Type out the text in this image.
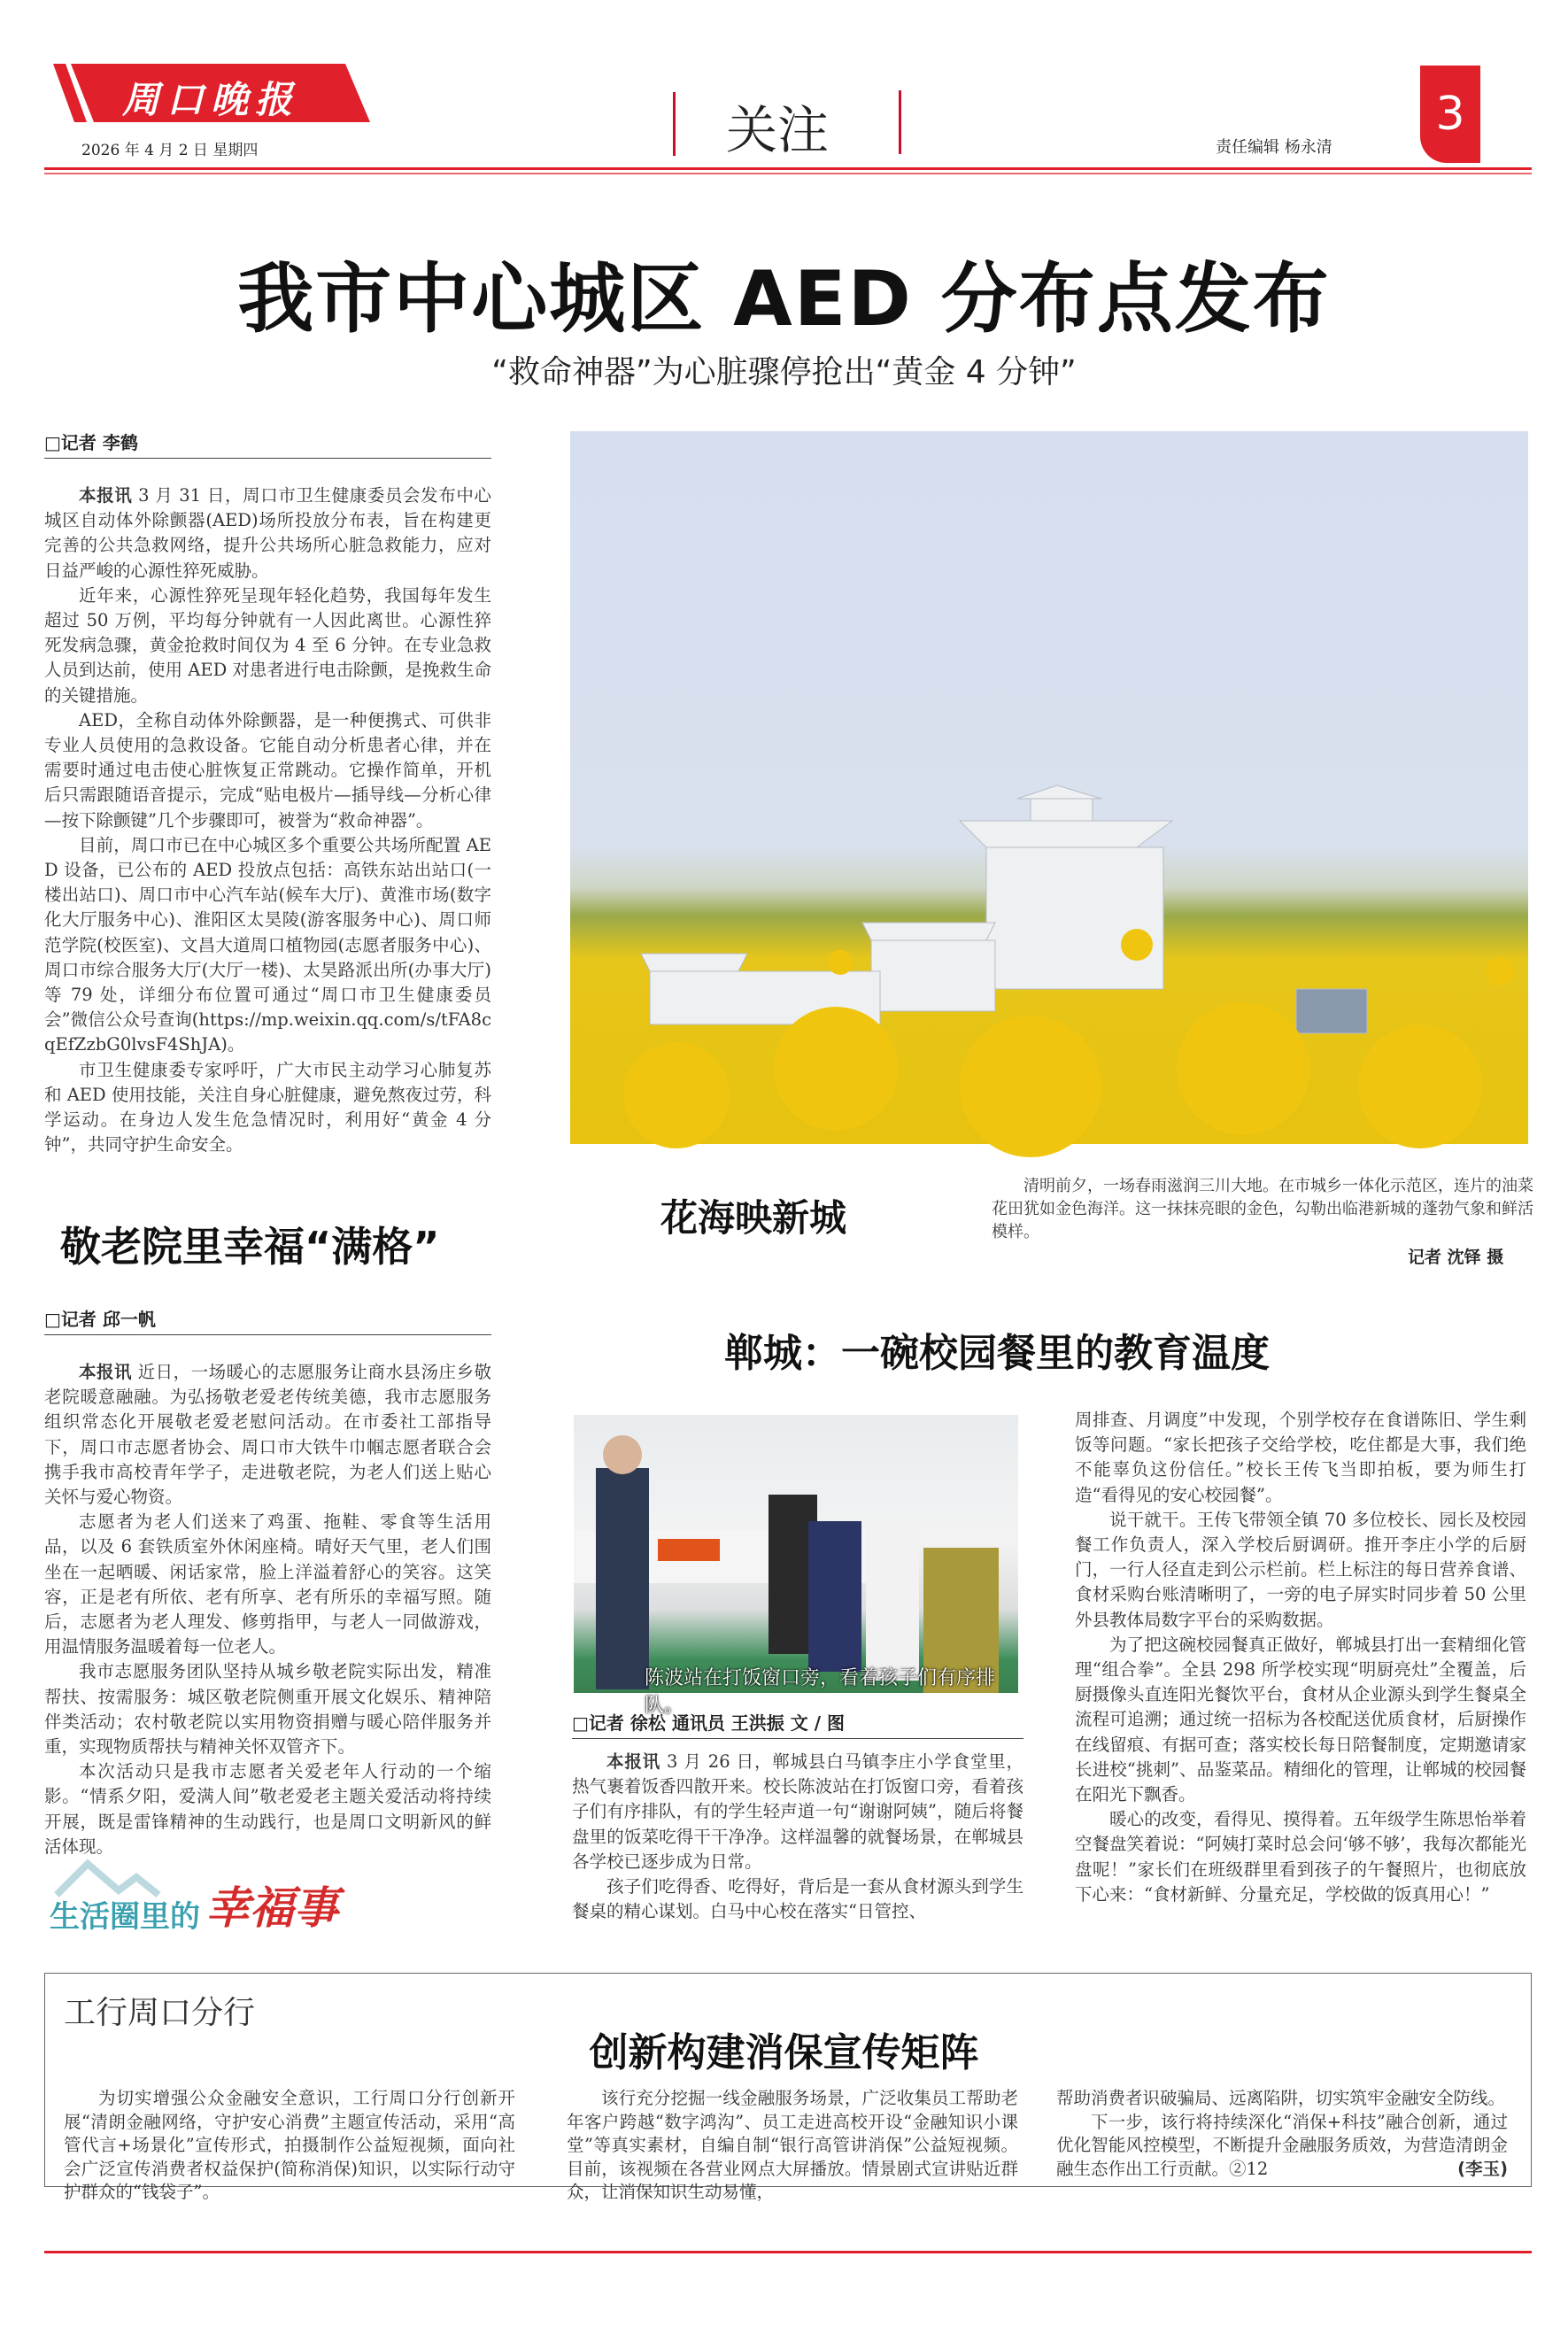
周口晚报
2026 年 4 月 2 日 星期四	关注	责任编辑 杨永清
3
我市中心城区 AED 分布点发布
“救命神器”为心脏骤停抢出“黄金 4 分钟”
□记者 李鹤

本报讯 3 月 31 日，周口市卫生健康委员会发布中心城区自动体外除颤器(AED)场所投放分布表，旨在构建更完善的公共急救网络，提升公共场所心脏急救能力，应对日益严峻的心源性猝死威胁。

近年来，心源性猝死呈现年轻化趋势，我国每年发生超过 50 万例，平均每分钟就有一人因此离世。心源性猝死发病急骤，黄金抢救时间仅为 4 至 6 分钟。在专业急救人员到达前，使用 AED 对患者进行电击除颤，是挽救生命的关键措施。

AED，全称自动体外除颤器，是一种便携式、可供非专业人员使用的急救设备。它能自动分析患者心律，并在需要时通过电击使心脏恢复正常跳动。它操作简单，开机后只需跟随语音提示，完成“贴电极片—插导线—分析心律—按下除颤键”几个步骤即可，被誉为“救命神器”。

目前，周口市已在中心城区多个重要公共场所配置 AED 设备，已公布的 AED 投放点包括：高铁东站出站口(一楼出站口)、周口市中心汽车站(候车大厅)、黄淮市场(数字化大厅服务中心)、淮阳区太昊陵(游客服务中心)、周口师范学院(校医室)、文昌大道周口植物园(志愿者服务中心)、周口市综合服务大厅(大厅一楼)、太昊路派出所(办事大厅)等 79 处，详细分布位置可通过“周口市卫生健康委员会”微信公众号查询(https://mp.weixin.qq.com/s/tFA8cqEfZzbG0lvsF4ShJA)。

市卫生健康委专家呼吁，广大市民主动学习心肺复苏和 AED 使用技能，关注自身心脏健康，避免熬夜过劳，科学运动。在身边人发生危急情况时，利用好“黄金 4 分钟”，共同守护生命安全。

花海映新城

清明前夕，一场春雨滋润三川大地。在市城乡一体化示范区，连片的油菜花田犹如金色海洋。这一抹抹亮眼的金色，勾勒出临港新城的蓬勃气象和鲜活模样。

记者 沈铎 摄
敬老院里幸福“满格”
□记者 邱一帆

本报讯 近日，一场暖心的志愿服务让商水县汤庄乡敬老院暖意融融。为弘扬敬老爱老传统美德，我市志愿服务组织常态化开展敬老爱老慰问活动。在市委社工部指导下，周口市志愿者协会、周口市大铁牛巾帼志愿者联合会携手我市高校青年学子，走进敬老院，为老人们送上贴心关怀与爱心物资。

志愿者为老人们送来了鸡蛋、拖鞋、零食等生活用品，以及 6 套铁质室外休闲座椅。晴好天气里，老人们围坐在一起晒暖、闲话家常，脸上洋溢着舒心的笑容。这笑容，正是老有所依、老有所享、老有所乐的幸福写照。随后，志愿者为老人理发、修剪指甲，与老人一同做游戏，用温情服务温暖着每一位老人。

我市志愿服务团队坚持从城乡敬老院实际出发，精准帮扶、按需服务：城区敬老院侧重开展文化娱乐、精神陪伴类活动；农村敬老院以实用物资捐赠与暖心陪伴服务并重，实现物质帮扶与精神关怀双管齐下。

本次活动只是我市志愿者关爱老年人行动的一个缩影。“情系夕阳，爱满人间”敬老爱老主题关爱活动将持续开展，既是雷锋精神的生动践行，也是周口文明新风的鲜活体现。

生活圈里的 幸福事
郸城：一碗校园餐里的教育温度
陈波站在打饭窗口旁，看着孩子们有序排队。
□记者 徐松 通讯员 王洪振 文 / 图

本报讯 3 月 26 日，郸城县白马镇李庄小学食堂里，热气裹着饭香四散开来。校长陈波站在打饭窗口旁，看着孩子们有序排队，有的学生轻声道一句“谢谢阿姨”，随后将餐盘里的饭菜吃得干干净净。这样温馨的就餐场景，在郸城县各学校已逐步成为日常。

孩子们吃得香、吃得好，背后是一套从食材源头到学生餐桌的精心谋划。白马中心校在落实“日管控、

周排查、月调度”中发现，个别学校存在食谱陈旧、学生剩饭等问题。“家长把孩子交给学校，吃住都是大事，我们绝不能辜负这份信任。”校长王传飞当即拍板，要为师生打造“看得见的安心校园餐”。

说干就干。王传飞带领全镇 70 多位校长、园长及校园餐工作负责人，深入学校后厨调研。推开李庄小学的后厨门，一行人径直走到公示栏前。栏上标注的每日营养食谱、食材采购台账清晰明了，一旁的电子屏实时同步着 50 公里外县教体局数字平台的采购数据。

为了把这碗校园餐真正做好，郸城县打出一套精细化管理“组合拳”。全县 298 所学校实现“明厨亮灶”全覆盖，后厨摄像头直连阳光餐饮平台，食材从企业源头到学生餐桌全流程可追溯；通过统一招标为各校配送优质食材，后厨操作在线留痕、有据可查；落实校长每日陪餐制度，定期邀请家长进校“挑刺”、品鉴菜品。精细化的管理，让郸城的校园餐在阳光下飘香。

暖心的改变，看得见、摸得着。五年级学生陈思怡举着空餐盘笑着说：“阿姨打菜时总会问‘够不够’，我每次都能光盘呢！”家长们在班级群里看到孩子的午餐照片，也彻底放下心来：“食材新鲜、分量充足，学校做的饭真用心！”

工行周口分行
创新构建消保宣传矩阵

为切实增强公众金融安全意识，工行周口分行创新开展“清朗金融网络，守护安心消费”主题宣传活动，采用“高管代言+场景化”宣传形式，拍摄制作公益短视频，面向社会广泛宣传消费者权益保护(简称消保)知识，以实际行动守护群众的“钱袋子”。

该行充分挖掘一线金融服务场景，广泛收集员工帮助老年客户跨越“数字鸿沟”、员工走进高校开设“金融知识小课堂”等真实素材，自编自制“银行高管讲消保”公益短视频。目前，该视频在各营业网点大屏播放。情景剧式宣讲贴近群众，让消保知识生动易懂，

帮助消费者识破骗局、远离陷阱，切实筑牢金融安全防线。

下一步，该行将持续深化“消保+科技”融合创新，通过优化智能风控模型，不断提升金融服务质效，为营造清朗金融生态作出工行贡献。②12	(李玉)
